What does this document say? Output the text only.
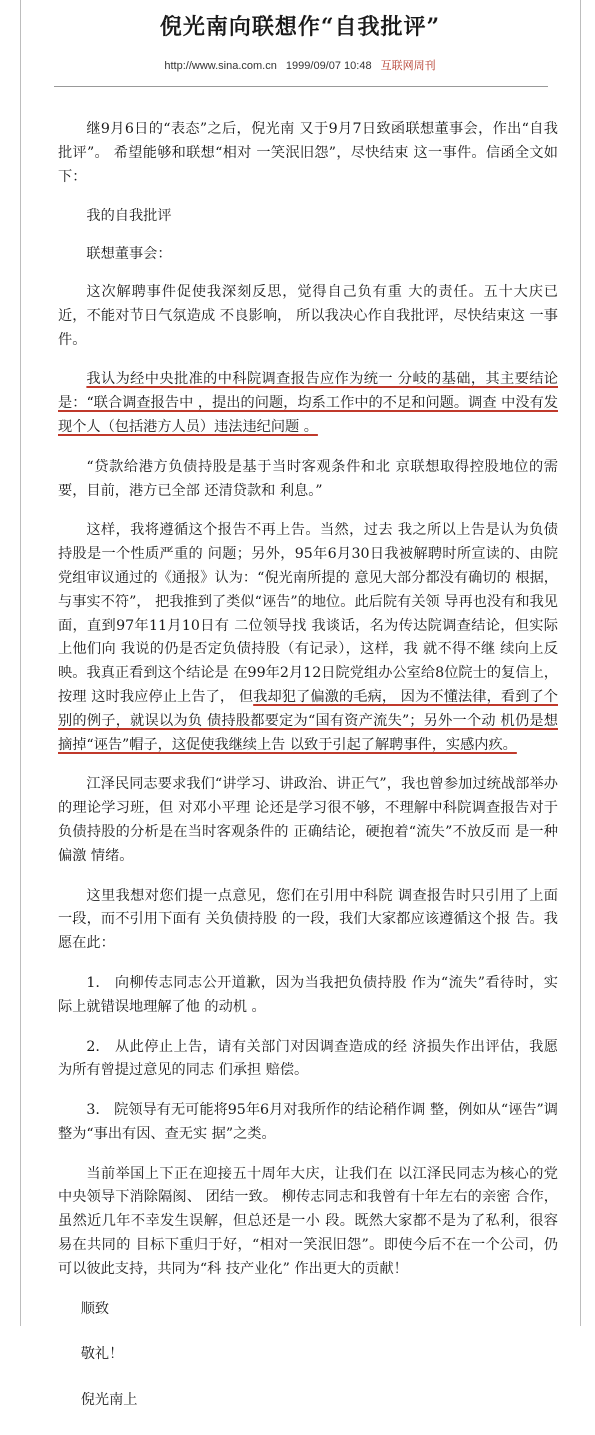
倪光南向联想作“自我批评”
http://www.sina.com.cn 1999/09/07 10:48 互联网周刊

继9月6日的“表态”之后，倪光南 又于9月7日致函联想董事会，作出“自我批评”。 希望能够和联想“相对 一笑泯旧怨”，尽快结束 这一事件。信函全文如下：

我的自我批评

联想董事会：

这次解聘事件促使我深刻反思，觉得自己负有重 大的责任。五十大庆已近，不能对节日气氛造成 不良影响， 所以我决心作自我批评，尽快结束这 一事件。

我认为经中央批准的中科院调查报告应作为统一 分岐的基础，其主要结论是：“联合调查报告中 ，提出的问题，均系工作中的不足和问题。调查 中没有发现个人（包括港方人员）违法违纪问题 。

“贷款给港方负债持股是基于当时客观条件和北 京联想取得控股地位的需要，目前，港方已全部 还清贷款和 利息。”

这样，我将遵循这个报告不再上告。当然，过去 我之所以上告是认为负债持股是一个性质严重的 问题；另外，95年6月30日我被解聘时所宣读的、由院 党组审议通过的《通报》认为：“倪光南所提的 意见大部分都没有确切的 根据，与事实不符”， 把我推到了类似“诬告”的地位。此后院有关领 导再也没有和我见面，直到97年11月10日有 二位领导找 我谈话，名为传达院调查结论，但实际上他们向 我说的仍是否定负债持股（有记录），这样，我 就不得不继 续向上反映。我真正看到这个结论是 在99年2月12日院党组办公室给8位院士的复信上，按理 这时我应停止上告了， 但我却犯了偏激的毛病， 因为不懂法律，看到了个别的例子，就误以为负 债持股都要定为“国有资产流失”；另外一个动 机仍是想摘掉“诬告”帽子，这促使我继续上告 以致于引起了解聘事件，实感内疚。

江泽民同志要求我们“讲学习、讲政治、讲正气”，我也曾参加过统战部举办的理论学习班，但 对邓小平理 论还是学习很不够，不理解中科院调查报告对于负债持股的分析是在当时客观条件的 正确结论，硬抱着“流失”不放反而 是一种偏激 情绪。

这里我想对您们提一点意见，您们在引用中科院 调查报告时只引用了上面一段，而不引用下面有 关负债持股 的一段，我们大家都应该遵循这个报 告。我愿在此：

1.　向柳传志同志公开道歉，因为当我把负债持股 作为“流失”看待时，实际上就错误地理解了他 的动机 。

2.　从此停止上告，请有关部门对因调查造成的经 济损失作出评估，我愿为所有曾提过意见的同志 们承担 赔偿。

3.　院领导有无可能将95年6月对我所作的结论稍作调 整，例如从“诬告”调整为“事出有因、查无实 据”之类。

当前举国上下正在迎接五十周年大庆，让我们在 以江泽民同志为核心的党中央领导下消除隔阂、 团结一致。 柳传志同志和我曾有十年左右的亲密 合作，虽然近几年不幸发生误解，但总还是一小 段。既然大家都不是为了私利，很容 易在共同的 目标下重归于好，“相对一笑泯旧怨”。即使今后不在一个公司，仍可以彼此支持，共同为“科 技产业化” 作出更大的贡献！

顺致

敬礼！

倪光南上
